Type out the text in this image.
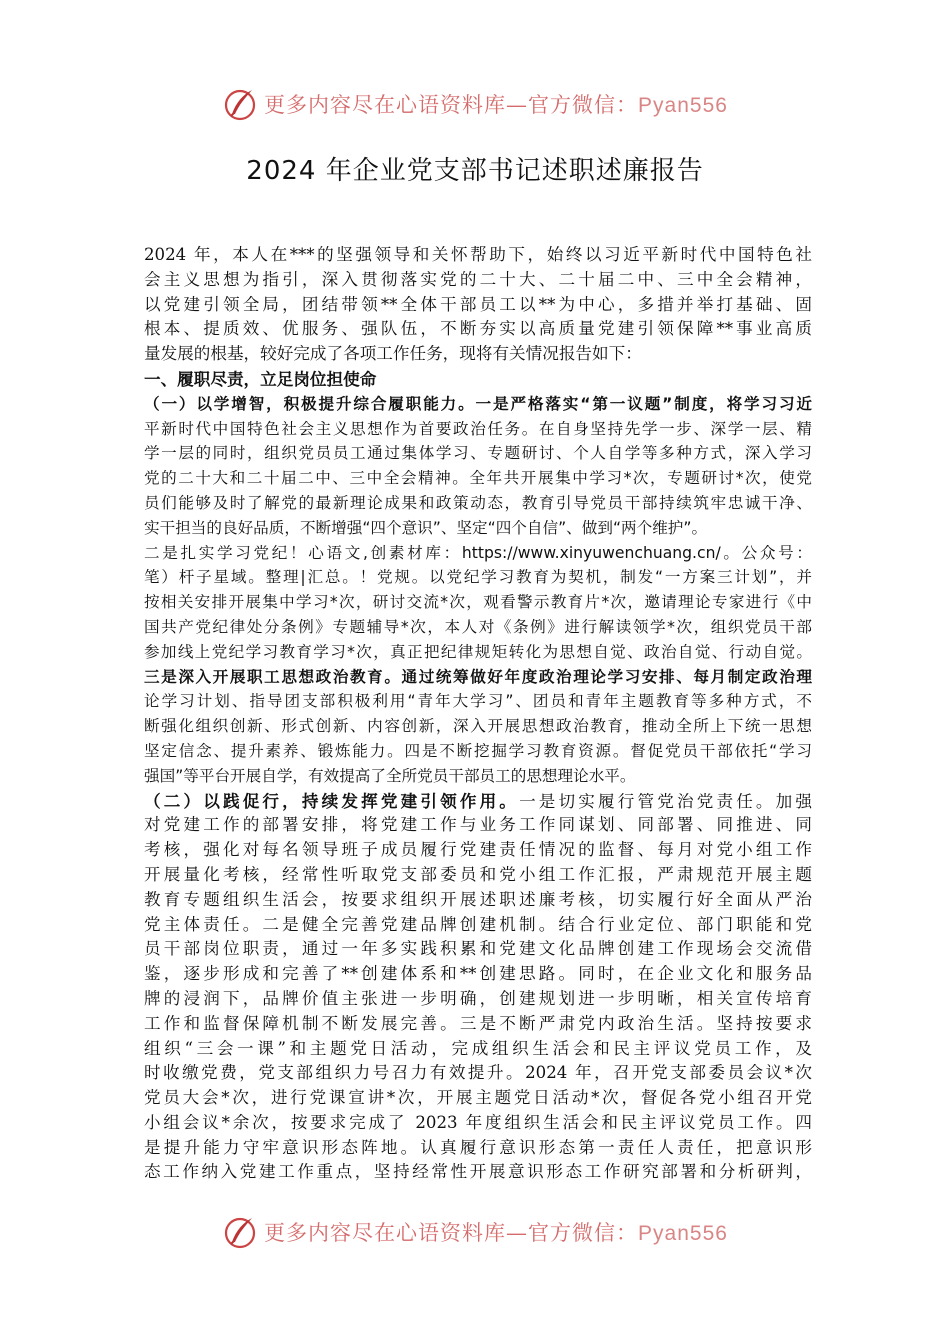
更多内容尽在心语资料库—官方微信：Pyan556
2024 年企业党支部书记述职述廉报告
2024 年，本人在***的坚强领导和关怀帮助下，始终以习近平新时代中国特色社
会主义思想为指引，深入贯彻落实党的二十大、二十届二中、三中全会精神，
以党建引领全局，团结带领**全体干部员工以**为中心，多措并举打基础、固
根本、提质效、优服务、强队伍，不断夯实以高质量党建引领保障**事业高质
量发展的根基，较好完成了各项工作任务，现将有关情况报告如下：
一、履职尽责，立足岗位担使命
（一）以学增智，积极提升综合履职能力。一是严格落实“第一议题”制度，将学习习近
平新时代中国特色社会主义思想作为首要政治任务。在自身坚持先学一步、深学一层、精
学一层的同时，组织党员员工通过集体学习、专题研讨、个人自学等多种方式，深入学习
党的二十大和二十届二中、三中全会精神。全年共开展集中学习*次，专题研讨*次，使党
员们能够及时了解党的最新理论成果和政策动态，教育引导党员干部持续筑牢忠诚干净、
实干担当的良好品质，不断增强“四个意识”、坚定“四个自信”、做到“两个维护”。
二是扎实学习党纪！心语文,创素材库：https://www.xinyuwenchuang.cn/。公众号：
笔）杆子星域。整理|汇总。！党规。以党纪学习教育为契机，制发“一方案三计划”，并
按相关安排开展集中学习*次，研讨交流*次，观看警示教育片*次，邀请理论专家进行《中
国共产党纪律处分条例》专题辅导*次，本人对《条例》进行解读领学*次，组织党员干部
参加线上党纪学习教育学习*次，真正把纪律规矩转化为思想自觉、政治自觉、行动自觉。
三是深入开展职工思想政治教育。通过统筹做好年度政治理论学习安排、每月制定政治理
论学习计划、指导团支部积极利用“青年大学习”、团员和青年主题教育等多种方式，不
断强化组织创新、形式创新、内容创新，深入开展思想政治教育，推动全所上下统一思想
坚定信念、提升素养、锻炼能力。四是不断挖掘学习教育资源。督促党员干部依托“学习
强国”等平台开展自学，有效提高了全所党员干部员工的思想理论水平。
（二）以践促行，持续发挥党建引领作用。一是切实履行管党治党责任。加强
对党建工作的部署安排，将党建工作与业务工作同谋划、同部署、同推进、同
考核，强化对每名领导班子成员履行党建责任情况的监督、每月对党小组工作
开展量化考核，经常性听取党支部委员和党小组工作汇报，严肃规范开展主题
教育专题组织生活会，按要求组织开展述职述廉考核，切实履行好全面从严治
党主体责任。二是健全完善党建品牌创建机制。结合行业定位、部门职能和党
员干部岗位职责，通过一年多实践积累和党建文化品牌创建工作现场会交流借
鉴，逐步形成和完善了**创建体系和**创建思路。同时，在企业文化和服务品
牌的浸润下，品牌价值主张进一步明确，创建规划进一步明晰，相关宣传培育
工作和监督保障机制不断发展完善。三是不断严肃党内政治生活。坚持按要求
组织“三会一课”和主题党日活动，完成组织生活会和民主评议党员工作，及
时收缴党费，党支部组织力号召力有效提升。2024 年，召开党支部委员会议*次
党员大会*次，进行党课宣讲*次，开展主题党日活动*次，督促各党小组召开党
小组会议*余次，按要求完成了 2023 年度组织生活会和民主评议党员工作。四
是提升能力守牢意识形态阵地。认真履行意识形态第一责任人责任，把意识形
态工作纳入党建工作重点，坚持经常性开展意识形态工作研究部署和分析研判，
更多内容尽在心语资料库—官方微信：Pyan556
